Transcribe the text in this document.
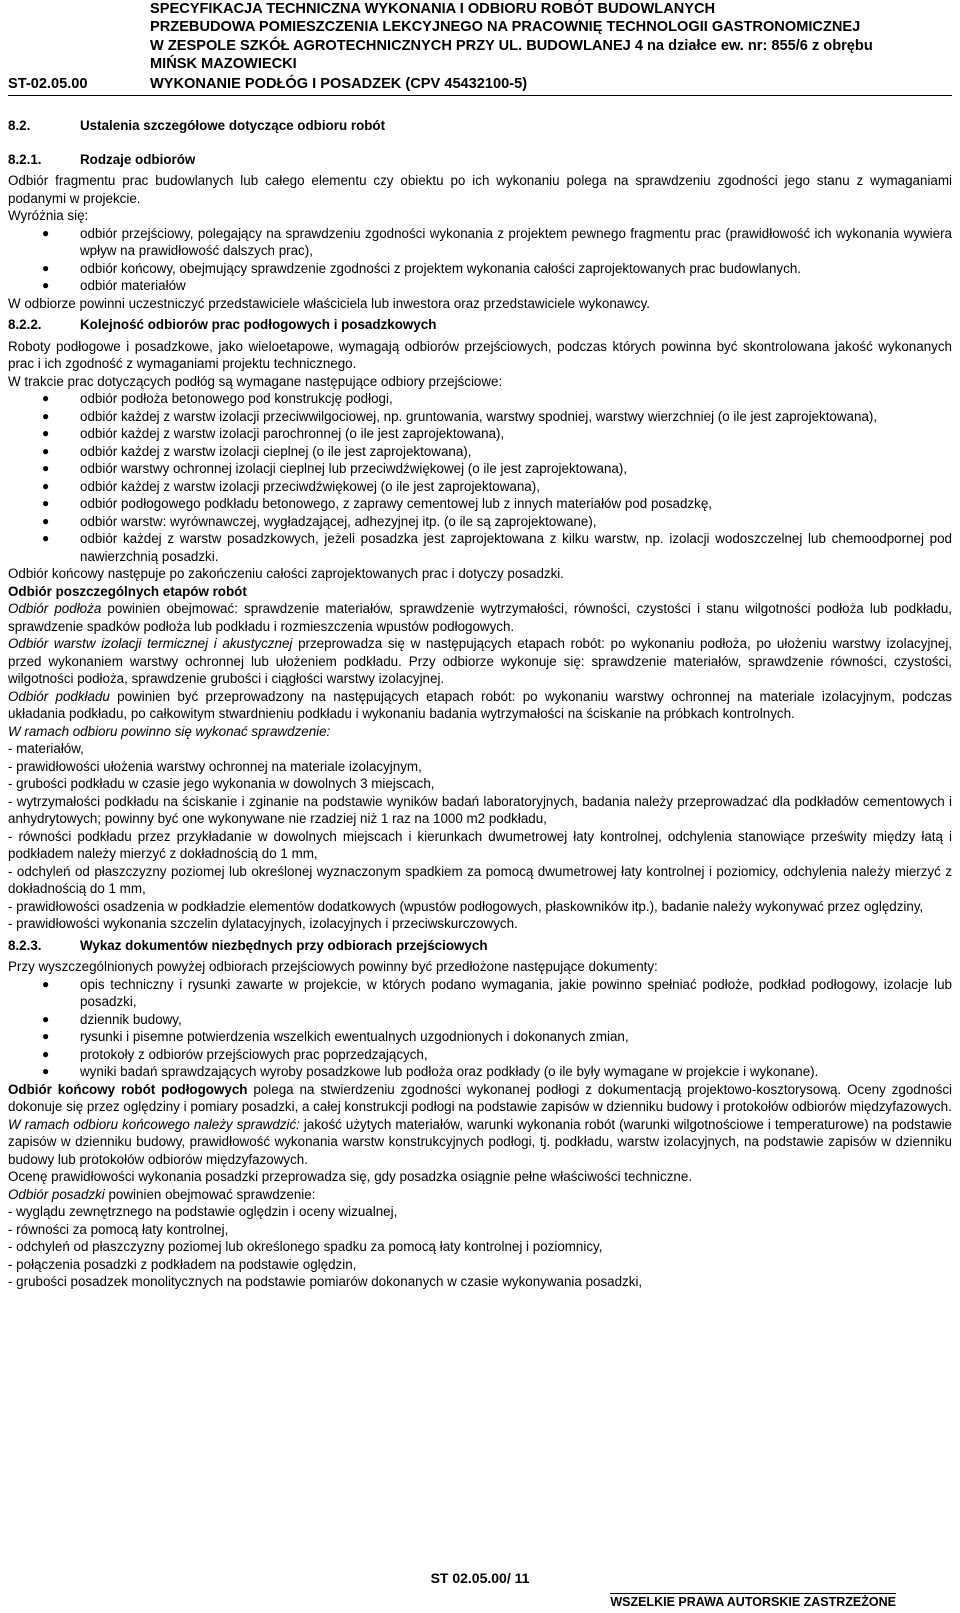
SPECYFIKACJA TECHNICZNA WYKONANIA I ODBIORU ROBÓT BUDOWLANYCH
PRZEBUDOWA POMIESZCZENIA LEKCYJNEGO NA PRACOWNIĘ TECHNOLOGII GASTRONOMICZNEJ
W ZESPOLE SZKÓŁ AGROTECHNICZNYCH PRZY UL. BUDOWLANEJ 4 na działce ew. nr: 855/6 z obrębu
MIŃSK MAZOWIECKI
ST-02.05.00	WYKONANIE PODŁÓG I POSADZEK (CPV 45432100-5)
8.2.	Ustalenia szczegółowe dotyczące odbioru robót
8.2.1.	Rodzaje odbiorów

Odbiór fragmentu prac budowlanych lub całego elementu czy obiektu po ich wykonaniu polega na sprawdzeniu zgodności jego stanu z wymaganiami podanymi w projekcie.

Wyróżnia się:

● odbiór przejściowy, polegający na sprawdzeniu zgodności wykonania z projektem pewnego fragmentu prac (prawidłowość ich wykonania wywiera wpływ na prawidłowość dalszych prac),
● odbiór końcowy, obejmujący sprawdzenie zgodności z projektem wykonania całości zaprojektowanych prac budowlanych.
● odbiór materiałów

W odbiorze powinni uczestniczyć przedstawiciele właściciela lub inwestora oraz przedstawiciele wykonawcy.

8.2.2.	Kolejność odbiorów prac podłogowych i posadzkowych

Roboty podłogowe i posadzkowe, jako wieloetapowe, wymagają odbiorów przejściowych, podczas których powinna być skontrolowana jakość wykonanych prac i ich zgodność z wymaganiami projektu technicznego.

W trakcie prac dotyczących podłóg są wymagane następujące odbiory przejściowe:

● odbiór podłoża betonowego pod konstrukcję podłogi,
● odbiór każdej z warstw izolacji przeciwwilgociowej, np. gruntowania, warstwy spodniej, warstwy wierzchniej (o ile jest zaprojektowana),
● odbiór każdej z warstw izolacji parochronnej (o ile jest zaprojektowana),
● odbiór każdej z warstw izolacji cieplnej (o ile jest zaprojektowana),
● odbiór warstwy ochronnej izolacji cieplnej lub przeciwdźwiękowej (o ile jest zaprojektowana),
● odbiór każdej z warstw izolacji przeciwdźwiękowej (o ile jest zaprojektowana),
● odbiór podłogowego podkładu betonowego, z zaprawy cementowej lub z innych materiałów pod posadzkę,
● odbiór warstw: wyrównawczej, wygładzającej, adhezyjnej itp. (o ile są zaprojektowane),
● odbiór każdej z warstw posadzkowych, jeżeli posadzka jest zaprojektowana z kilku warstw, np. izolacji wodoszczelnej lub chemoodpornej pod nawierzchnią posadzki.

Odbiór końcowy następuje po zakończeniu całości zaprojektowanych prac i dotyczy posadzki.

Odbiór poszczególnych etapów robót

Odbiór podłoża powinien obejmować: sprawdzenie materiałów, sprawdzenie wytrzymałości, równości, czystości i stanu wilgotności podłoża lub podkładu, sprawdzenie spadków podłoża lub podkładu i rozmieszczenia wpustów podłogowych.

Odbiór warstw izolacji termicznej i akustycznej przeprowadza się w następujących etapach robót: po wykonaniu podłoża, po ułożeniu warstwy izolacyjnej, przed wykonaniem warstwy ochronnej lub ułożeniem podkładu. Przy odbiorze wykonuje się: sprawdzenie materiałów, sprawdzenie równości, czystości, wilgotności podłoża, sprawdzenie grubości i ciągłości warstwy izolacyjnej.

Odbiór podkładu powinien być przeprowadzony na następujących etapach robót: po wykonaniu warstwy ochronnej na materiale izolacyjnym, podczas układania podkładu, po całkowitym stwardnieniu podkładu i wykonaniu badania wytrzymałości na ściskanie na próbkach kontrolnych.

W ramach odbioru powinno się wykonać sprawdzenie:

- materiałów,

- prawidłowości ułożenia warstwy ochronnej na materiale izolacyjnym,

- grubości podkładu w czasie jego wykonania w dowolnych 3 miejscach,

- wytrzymałości podkładu na ściskanie i zginanie na podstawie wyników badań laboratoryjnych, badania należy przeprowadzać dla podkładów cementowych i anhydrytowych; powinny być one wykonywane nie rzadziej niż 1 raz na 1000 m2 podkładu,

- równości podkładu przez przykładanie w dowolnych miejscach i kierunkach dwumetrowej łaty kontrolnej, odchylenia stanowiące prześwity między łatą i podkładem należy mierzyć z dokładnością do 1 mm,

- odchyleń od płaszczyzny poziomej lub określonej wyznaczonym spadkiem za pomocą dwumetrowej łaty kontrolnej i poziomicy, odchylenia należy mierzyć z dokładnością do 1 mm,

- prawidłowości osadzenia w podkładzie elementów dodatkowych (wpustów podłogowych, płaskowników itp.), badanie należy wykonywać przez oględziny,

- prawidłowości wykonania szczelin dylatacyjnych, izolacyjnych i przeciwskurczowych.

8.2.3.	Wykaz dokumentów niezbędnych przy odbiorach przejściowych

Przy wyszczególnionych powyżej odbiorach przejściowych powinny być przedłożone następujące dokumenty:

● opis techniczny i rysunki zawarte w projekcie, w których podano wymagania, jakie powinno spełniać podłoże, podkład podłogowy, izolacje lub posadzki,
● dziennik budowy,
● rysunki i pisemne potwierdzenia wszelkich ewentualnych uzgodnionych i dokonanych zmian,
● protokoły z odbiorów przejściowych prac poprzedzających,
● wyniki badań sprawdzających wyroby posadzkowe lub podłoża oraz podkłady (o ile były wymagane w projekcie i wykonane).

Odbiór końcowy robót podłogowych polega na stwierdzeniu zgodności wykonanej podłogi z dokumentacją projektowo-kosztorysową. Oceny zgodności dokonuje się przez oględziny i pomiary posadzki, a całej konstrukcji podłogi na podstawie zapisów w dzienniku budowy i protokołów odbiorów międzyfazowych.

W ramach odbioru końcowego należy sprawdzić: jakość użytych materiałów, warunki wykonania robót (warunki wilgotnościowe i temperaturowe) na podstawie zapisów w dzienniku budowy, prawidłowość wykonania warstw konstrukcyjnych podłogi, tj. podkładu, warstw izolacyjnych, na podstawie zapisów w dzienniku budowy lub protokołów odbiorów międzyfazowych.

Ocenę prawidłowości wykonania posadzki przeprowadza się, gdy posadzka osiągnie pełne właściwości techniczne.

Odbiór posadzki powinien obejmować sprawdzenie:

- wyglądu zewnętrznego na podstawie oględzin i oceny wizualnej,

- równości za pomocą łaty kontrolnej,

- odchyleń od płaszczyzny poziomej lub określonego spadku za pomocą łaty kontrolnej i poziomnicy,

- połączenia posadzki z podkładem na podstawie oględzin,

- grubości posadzek monolitycznych na podstawie pomiarów dokonanych w czasie wykonywania posadzki,

ST 02.05.00/ 11
WSZELKIE PRAWA AUTORSKIE ZASTRZEŻONE
